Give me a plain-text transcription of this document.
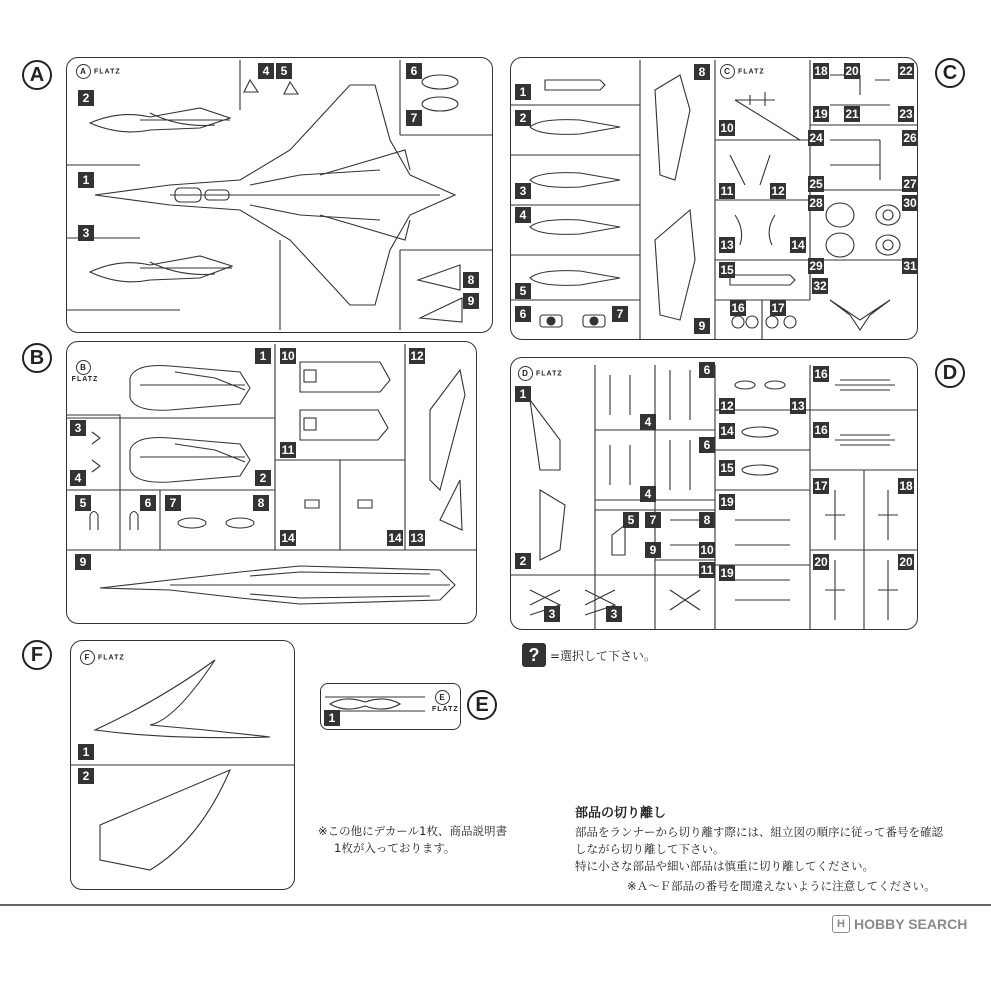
A
B
C
D
E
F
A FLATZ
B
FLATZ
C FLATZ
D FLATZ
E
FLATZ
F FLATZ
2
1
3
4 5	6
7
8
9
1
2
3
4
5	6	7	8
9
10
11
12
13
14	14
1
2
3
4
5
6	7
8
9
10
11	12
13	14
15
16 17
18
19
20
21
22
23
24
25
26
27
28
29
30
31
32
1
2
3	3
4
4
5
6
6
7	8
9	10
11
12	13
14
15
16
16
17	18
19
19
20	20
1
1
2
? =選択して下さい。
※この他にデカール1枚、商品説明書
1枚が入っております。
部品の切り離し
部品をランナーから切り離す際には、組立図の順序に従って番号を確認
しながら切り離して下さい。
特に小さな部品や細い部品は慎重に切り離してください。
※Ａ～Ｆ部品の番号を間違えないように注意してください。
H HOBBY SEARCH
